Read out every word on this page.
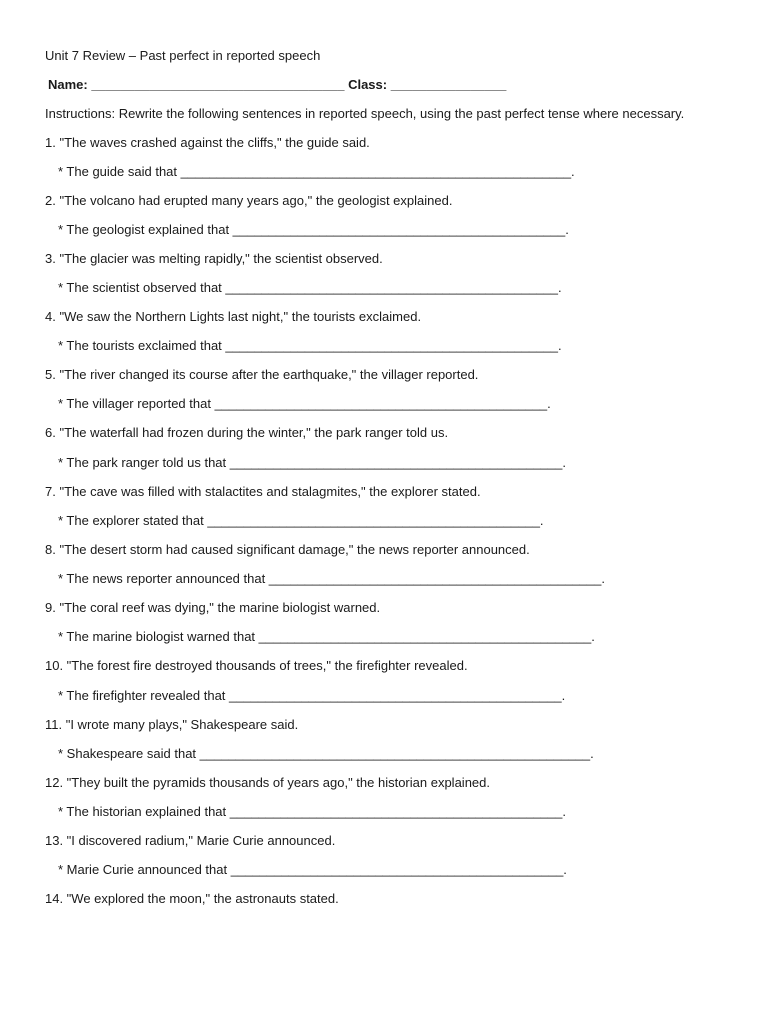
Unit 7 Review – Past perfect in reported speech
Name: ___________________________________ Class: ________________
Instructions: Rewrite the following sentences in reported speech, using the past perfect tense where necessary.
1. "The waves crashed against the cliffs," the guide said.
* The guide said that ______________________________________________________.
2. "The volcano had erupted many years ago," the geologist explained.
* The geologist explained that ______________________________________________.
3. "The glacier was melting rapidly," the scientist observed.
* The scientist observed that ______________________________________________.
4. "We saw the Northern Lights last night," the tourists exclaimed.
* The tourists exclaimed that ______________________________________________.
5. "The river changed its course after the earthquake," the villager reported.
* The villager reported that ______________________________________________.
6. "The waterfall had frozen during the winter," the park ranger told us.
* The park ranger told us that ______________________________________________.
7. "The cave was filled with stalactites and stalagmites," the explorer stated.
* The explorer stated that ______________________________________________.
8. "The desert storm had caused significant damage," the news reporter announced.
* The news reporter announced that ______________________________________________.
9. "The coral reef was dying," the marine biologist warned.
* The marine biologist warned that ______________________________________________.
10. "The forest fire destroyed thousands of trees," the firefighter revealed.
* The firefighter revealed that ______________________________________________.
11. "I wrote many plays," Shakespeare said.
* Shakespeare said that ______________________________________________________.
12. "They built the pyramids thousands of years ago," the historian explained.
* The historian explained that ______________________________________________.
13. "I discovered radium," Marie Curie announced.
* Marie Curie announced that ______________________________________________.
14. "We explored the moon," the astronauts stated.
